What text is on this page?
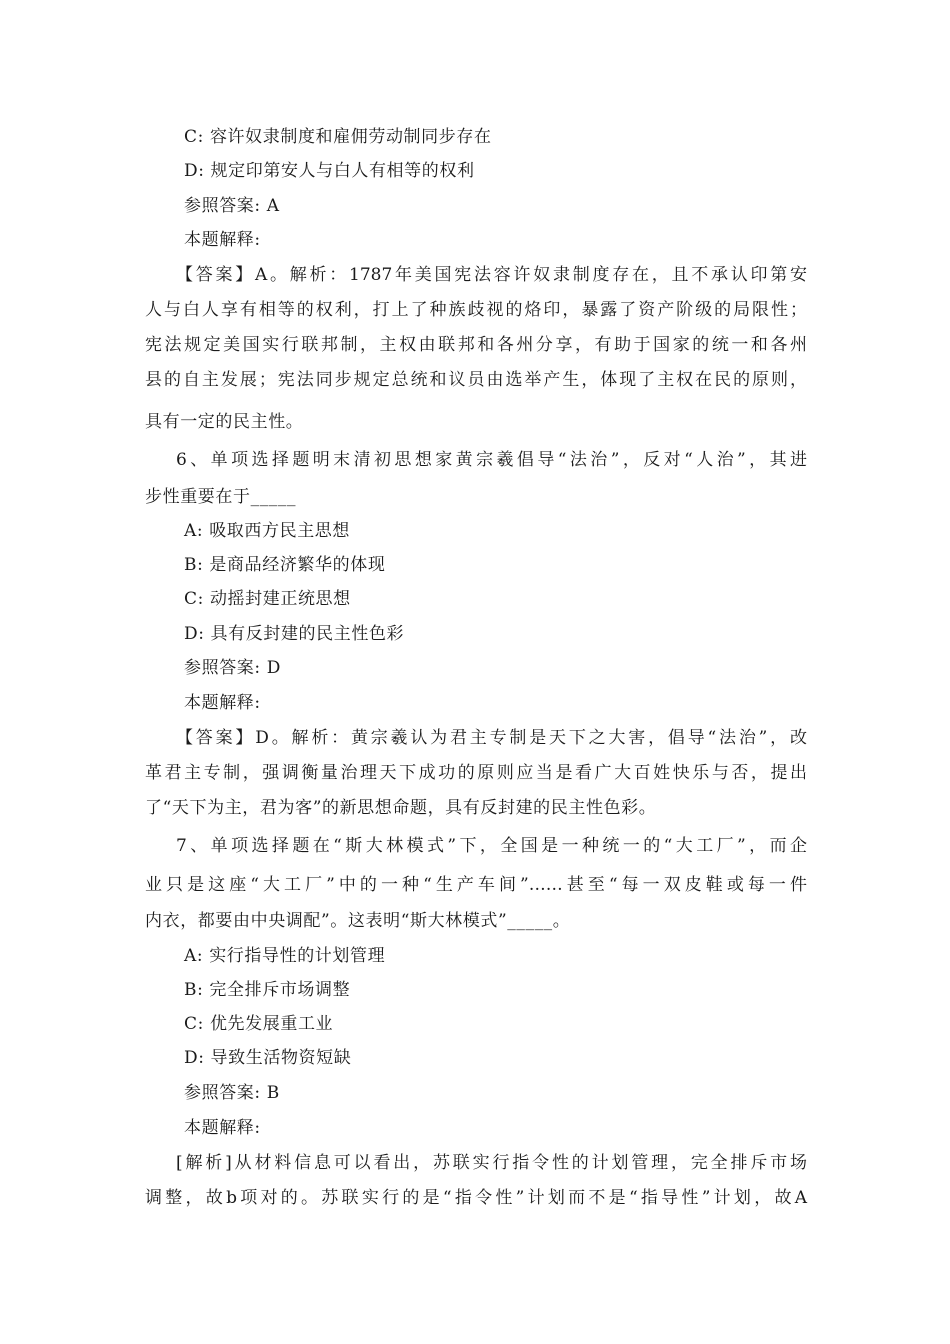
C: 容许奴隶制度和雇佣劳动制同步存在
D: 规定印第安人与白人有相等的权利
参照答案: A
本题解释:
【答案】A。解析：1787年美国宪法容许奴隶制度存在，且不承认印第安
人与白人享有相等的权利，打上了种族歧视的烙印，暴露了资产阶级的局限性；
宪法规定美国实行联邦制，主权由联邦和各州分享，有助于国家的统一和各州
县的自主发展；宪法同步规定总统和议员由选举产生，体现了主权在民的原则，
具有一定的民主性。
6、单项选择题明末清初思想家黄宗羲倡导“法治”，反对“人治”，其进
步性重要在于_____
A: 吸取西方民主思想
B: 是商品经济繁华的体现
C: 动摇封建正统思想
D: 具有反封建的民主性色彩
参照答案: D
本题解释:
【答案】D。解析：黄宗羲认为君主专制是天下之大害，倡导“法治”，改
革君主专制，强调衡量治理天下成功的原则应当是看广大百姓快乐与否，提出
了“天下为主，君为客”的新思想命题，具有反封建的民主性色彩。
7、单项选择题在“斯大林模式”下，全国是一种统一的“大工厂”，而企
业只是这座“大工厂”中的一种“生产车间”……甚至“每一双皮鞋或每一件
内衣，都要由中央调配”。这表明“斯大林模式”_____。
A: 实行指导性的计划管理
B: 完全排斥市场调整
C: 优先发展重工业
D: 导致生活物资短缺
参照答案: B
本题解释:
[解析]从材料信息可以看出，苏联实行指令性的计划管理，完全排斥市场
调整，故b项对的。苏联实行的是“指令性”计划而不是“指导性”计划，故A
